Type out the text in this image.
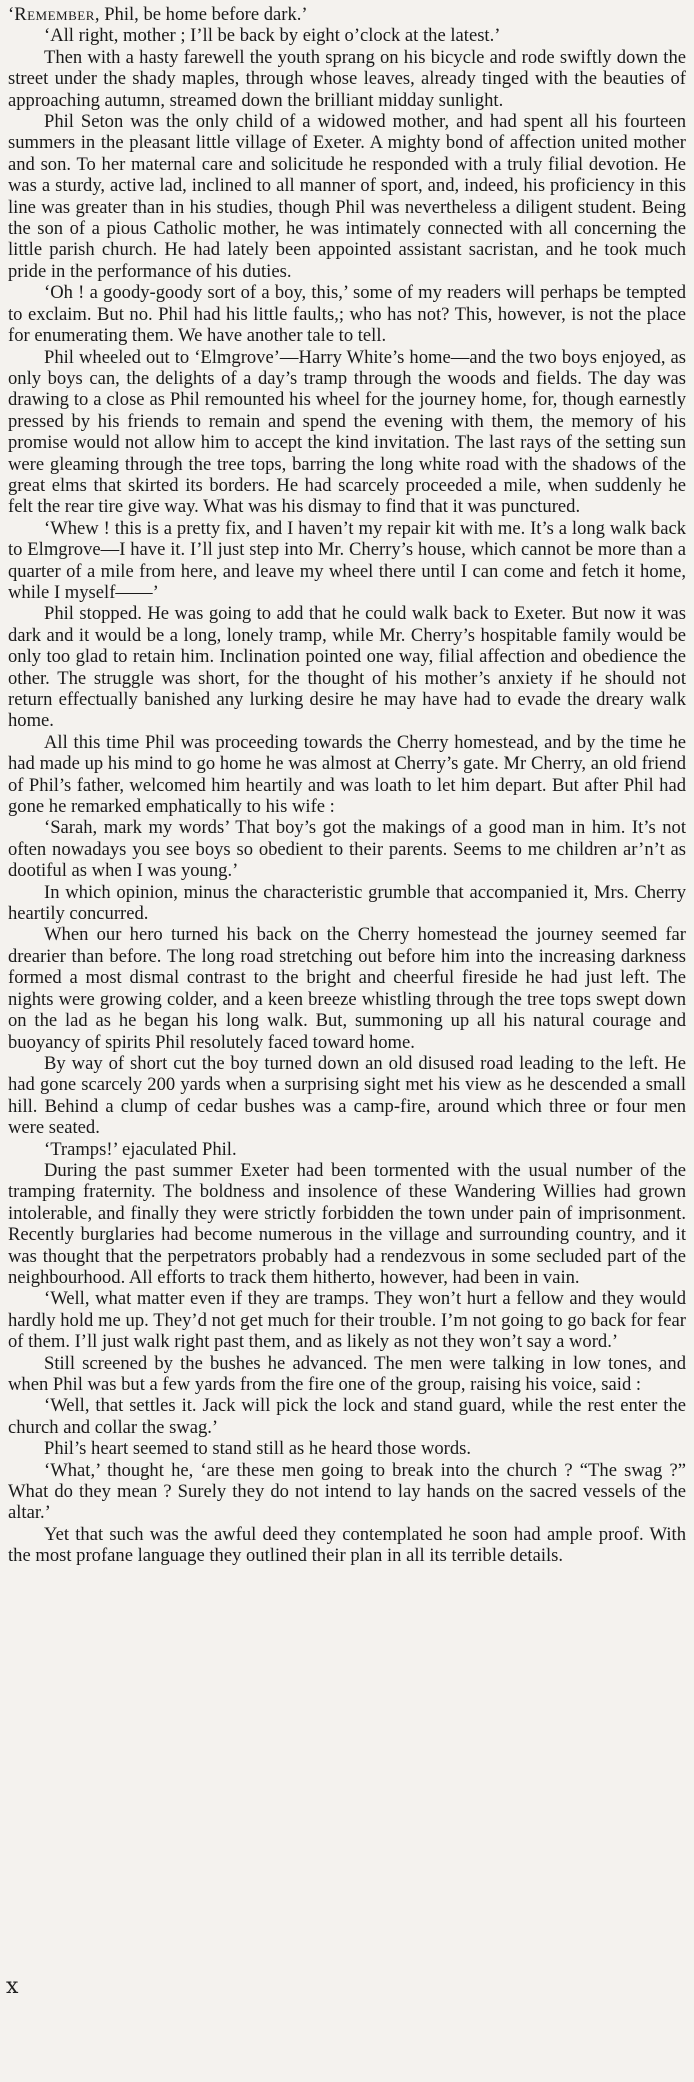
‘Remember, Phil, be home before dark.’

‘All right, mother ; I’ll be back by eight o’clock at the latest.’

Then with a hasty farewell the youth sprang on his bicycle and rode swiftly down the street under the shady maples, through whose leaves, already tinged with the beauties of approaching autumn, streamed down the brilliant midday sunlight.

Phil Seton was the only child of a widowed mother, and had spent all his fourteen summers in the pleasant little village of Exeter. A mighty bond of affection united mother and son. To her maternal care and solicitude he responded with a truly filial devotion. He was a sturdy, active lad, inclined to all manner of sport, and, indeed, his proficiency in this line was greater than in his studies, though Phil was nevertheless a diligent student. Being the son of a pious Catholic mother, he was intimately connected with all concerning the little parish church. He had lately been appointed assistant sacristan, and he took much pride in the performance of his duties.

‘Oh ! a goody-goody sort of a boy, this,’ some of my readers will perhaps be tempted to exclaim. But no. Phil had his little faults,; who has not? This, however, is not the place for enumerating them. We have another tale to tell.

Phil wheeled out to ‘Elmgrove’—Harry White’s home—and the two boys enjoyed, as only boys can, the delights of a day’s tramp through the woods and fields. The day was drawing to a close as Phil remounted his wheel for the journey home, for, though earnestly pressed by his friends to remain and spend the evening with them, the memory of his promise would not allow him to accept the kind invitation. The last rays of the setting sun were gleaming through the tree tops, barring the long white road with the shadows of the great elms that skirted its borders. He had scarcely proceeded a mile, when suddenly he felt the rear tire give way. What was his dismay to find that it was punctured.

‘Whew ! this is a pretty fix, and I haven’t my repair kit with me. It’s a long walk back to Elmgrove—I have it. I’ll just step into Mr. Cherry’s house, which cannot be more than a quarter of a mile from here, and leave my wheel there until I can come and fetch it home, while I myself——’

Phil stopped. He was going to add that he could walk back to Exeter. But now it was dark and it would be a long, lonely tramp, while Mr. Cherry’s hospitable family would be only too glad to retain him. Inclination pointed one way, filial affection and obedience the other. The struggle was short, for the thought of his mother’s anxiety if he should not return effectually banished any lurking desire he may have had to evade the dreary walk home.

All this time Phil was proceeding towards the Cherry homestead, and by the time he had made up his mind to go home he was almost at Cherry’s gate. Mr Cherry, an old friend of Phil’s father, welcomed him heartily and was loath to let him depart. But after Phil had gone he remarked emphatically to his wife :

‘Sarah, mark my words’ That boy’s got the makings of a good man in him. It’s not often nowadays you see boys so obedient to their parents. Seems to me children ar’n’t as dootiful as when I was young.’

In which opinion, minus the characteristic grumble that accompanied it, Mrs. Cherry heartily concurred.

When our hero turned his back on the Cherry homestead the journey seemed far drearier than before. The long road stretching out before him into the increasing darkness formed a most dismal contrast to the bright and cheerful fireside he had just left. The nights were growing colder, and a keen breeze whistling through the tree tops swept down on the lad as he began his long walk. But, summoning up all his natural courage and buoyancy of spirits Phil resolutely faced toward home.

By way of short cut the boy turned down an old disused road leading to the left. He had gone scarcely 200 yards when a surprising sight met his view as he descended a small hill. Behind a clump of cedar bushes was a camp-fire, around which three or four men were seated.

‘Tramps!’ ejaculated Phil.

During the past summer Exeter had been tormented with the usual number of the tramping fraternity. The boldness and insolence of these Wandering Willies had grown intolerable, and finally they were strictly forbidden the town under pain of imprisonment. Recently burglaries had become numerous in the village and surrounding country, and it was thought that the perpetrators probably had a rendezvous in some secluded part of the neighbourhood. All efforts to track them hitherto, however, had been in vain.

‘Well, what matter even if they are tramps. They won’t hurt a fellow and they would hardly hold me up. They’d not get much for their trouble. I’m not going to go back for fear of them. I’ll just walk right past them, and as likely as not they won’t say a word.’

Still screened by the bushes he advanced. The men were talking in low tones, and when Phil was but a few yards from the fire one of the group, raising his voice, said :

‘Well, that settles it. Jack will pick the lock and stand guard, while the rest enter the church and collar the swag.’

Phil’s heart seemed to stand still as he heard those words.

‘What,’ thought he, ‘are these men going to break into the church ? “The swag ?” What do they mean ? Surely they do not intend to lay hands on the sacred vessels of the altar.’

Yet that such was the awful deed they contemplated he soon had ample proof. With the most profane language they outlined their plan in all its terrible details.

ⅹ
